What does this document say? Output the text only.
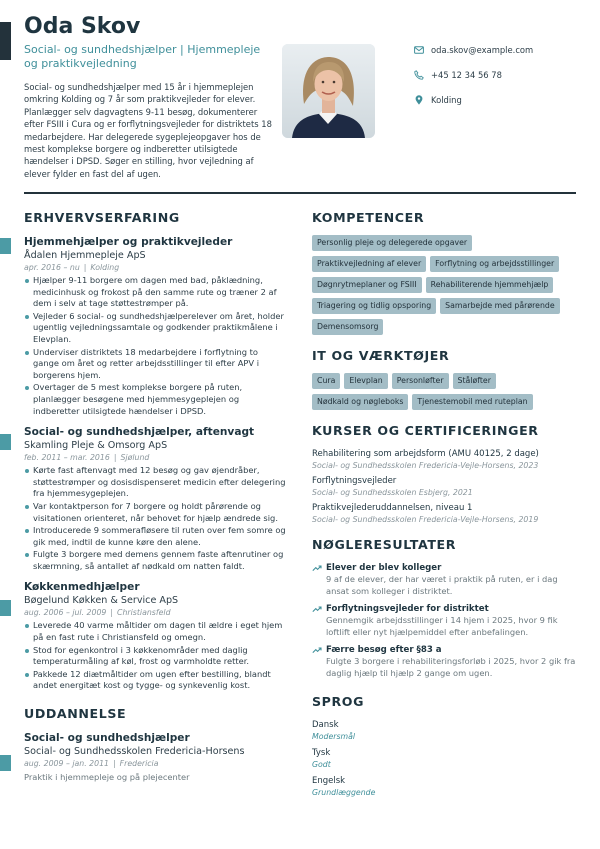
Oda Skov
Social- og sundhedshjælper | Hjemmepleje og praktikvejledning
Social- og sundhedshjælper med 15 år i hjemmeplejen omkring Kolding og 7 år som praktikvejleder for elever. Planlægger selv dagvagtens 9-11 besøg, dokumenterer efter FSIII i Cura og er forflytningsvejleder for distriktets 18 medarbejdere. Har delegerede sygeplejeopgaver hos de mest komplekse borgere og indberetter utilsigtede hændelser i DPSD. Søger en stilling, hvor vejledning af elever fylder en fast del af ugen.
oda.skov@example.com
+45 12 34 56 78
Kolding
ERHVERVSERFARING
Hjemmehjælper og praktikvejleder
Ådalen Hjemmepleje ApS
apr. 2016 – nu | Kolding
Hjælper 9-11 borgere om dagen med bad, påklædning, medicinhusk og frokost på den samme rute og træner 2 af dem i selv at tage støttestrømper på.
Vejleder 6 social- og sundhedshjælperelever om året, holder ugentlig vejledningssamtale og godkender praktikmålene i Elevplan.
Underviser distriktets 18 medarbejdere i forflytning to gange om året og retter arbejdsstillinger til efter APV i borgerens hjem.
Overtager de 5 mest komplekse borgere på ruten, planlægger besøgene med hjemmesygeplejen og indberetter utilsigtede hændelser i DPSD.
Social- og sundhedshjælper, aftenvagt
Skamling Pleje & Omsorg ApS
feb. 2011 – mar. 2016 | Sjølund
Kørte fast aftenvagt med 12 besøg og gav øjendråber, støttestrømper og dosisdispenseret medicin efter delegering fra hjemmesygeplejen.
Var kontaktperson for 7 borgere og holdt pårørende og visitationen orienteret, når behovet for hjælp ændrede sig.
Introducerede 9 sommerafløsere til ruten over fem somre og gik med, indtil de kunne køre den alene.
Fulgte 3 borgere med demens gennem faste aftenrutiner og skærmning, så antallet af nødkald om natten faldt.
Køkkenmedhjælper
Bøgelund Køkken & Service ApS
aug. 2006 – jul. 2009 | Christiansfeld
Leverede 40 varme måltider om dagen til ældre i eget hjem på en fast rute i Christiansfeld og omegn.
Stod for egenkontrol i 3 køkkenområder med daglig temperaturmåling af køl, frost og varmholdte retter.
Pakkede 12 diætmåltider om ugen efter bestilling, blandt andet energitæt kost og tygge- og synkevenlig kost.
UDDANNELSE
Social- og sundhedshjælper
Social- og Sundhedsskolen Fredericia-Horsens
aug. 2009 – jan. 2011 | Fredericia
Praktik i hjemmepleje og på plejecenter
KOMPETENCER
Personlig pleje og delegerede opgaver
Praktikvejledning af elever	Forflytning og arbejdsstillinger
Døgnrytmeplaner og FSIII	Rehabiliterende hjemmehjælp
Triagering og tidlig opsporing	Samarbejde med pårørende
Demensomsorg
IT OG VÆRKTØJER
Cura	Elevplan	Personløfter	Ståløfter
Nødkald og nøgleboks	Tjenestemobil med ruteplan
KURSER OG CERTIFICERINGER
Rehabilitering som arbejdsform (AMU 40125, 2 dage)
Social- og Sundhedsskolen Fredericia-Vejle-Horsens, 2023
Forflytningsvejleder
Social- og Sundhedsskolen Esbjerg, 2021
Praktikvejlederuddannelsen, niveau 1
Social- og Sundhedsskolen Fredericia-Vejle-Horsens, 2019
NØGLERESULTATER
Elever der blev kolleger
9 af de elever, der har været i praktik på ruten, er i dag ansat som kolleger i distriktet.
Forflytningsvejleder for distriktet
Gennemgik arbejdsstillinger i 14 hjem i 2025, hvor 9 fik loftlift eller nyt hjælpemiddel efter anbefalingen.
Færre besøg efter §83 a
Fulgte 3 borgere i rehabiliteringsforløb i 2025, hvor 2 gik fra daglig hjælp til hjælp 2 gange om ugen.
SPROG
Dansk
Modersmål
Tysk
Godt
Engelsk
Grundlæggende
